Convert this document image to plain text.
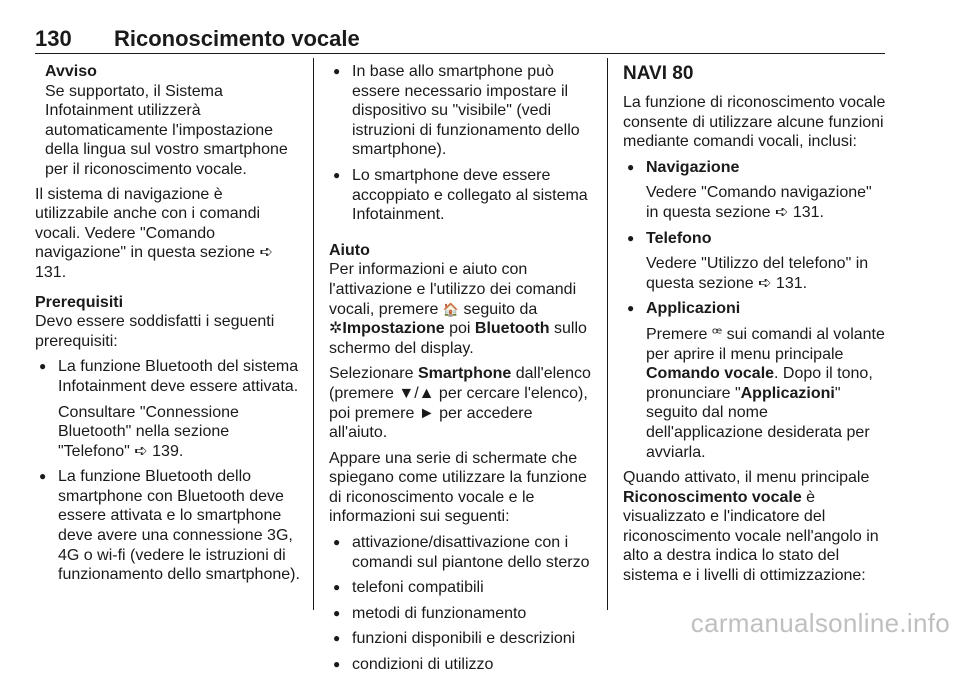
130 Riconoscimento vocale
Avviso
Se supportato, il Sistema Infotainment utilizzerà automaticamente l'impostazione della lingua sul vostro smartphone per il riconoscimento vocale.

Il sistema di navigazione è utilizzabile anche con i comandi vocali. Vedere "Comando navigazione" in questa sezione ➪ 131.

Prerequisiti

Devo essere soddisfatti i seguenti prerequisiti:

● La funzione Bluetooth del sistema Infotainment deve essere attivata.
Consultare "Connessione Bluetooth" nella sezione "Telefono" ➪ 139.
● La funzione Bluetooth dello smartphone con Bluetooth deve essere attivata e lo smartphone deve avere una connessione 3G, 4G o wi-fi (vedere le istruzioni di funzionamento dello smartphone).
● In base allo smartphone può essere necessario impostare il dispositivo su "visibile" (vedi istruzioni di funzionamento dello smartphone).
● Lo smartphone deve essere accoppiato e collegato al sistema Infotainment.
Aiuto

Per informazioni e aiuto con l'attivazione e l'utilizzo dei comandi vocali, premere 🏠 seguito da ✲Impostazione poi Bluetooth sullo schermo del display.

Selezionare Smartphone dall'elenco (premere ▼/▲ per cercare l'elenco), poi premere ► per accedere all'aiuto.

Appare una serie di schermate che spiegano come utilizzare la funzione di riconoscimento vocale e le informazioni sui seguenti:

● attivazione/disattivazione con i comandi sul piantone dello sterzo
● telefoni compatibili
● metodi di funzionamento
● funzioni disponibili e descrizioni
● condizioni di utilizzo
NAVI 80

La funzione di riconoscimento vocale consente di utilizzare alcune funzioni mediante comandi vocali, inclusi:

● Navigazione
Vedere "Comando navigazione" in questa sezione ➪ 131.
● Telefono
Vedere "Utilizzo del telefono" in questa sezione ➪ 131.
● Applicazioni
Premere ꟹ sui comandi al volante per aprire il menu principale Comando vocale. Dopo il tono, pronunciare "Applicazioni" seguito dal nome dell'applicazione desiderata per avviarla.

Quando attivato, il menu principale Riconoscimento vocale è visualizzato e l'indicatore del riconoscimento vocale nell'angolo in alto a destra indica lo stato del sistema e i livelli di ottimizzazione:

carmanualsonline.info
